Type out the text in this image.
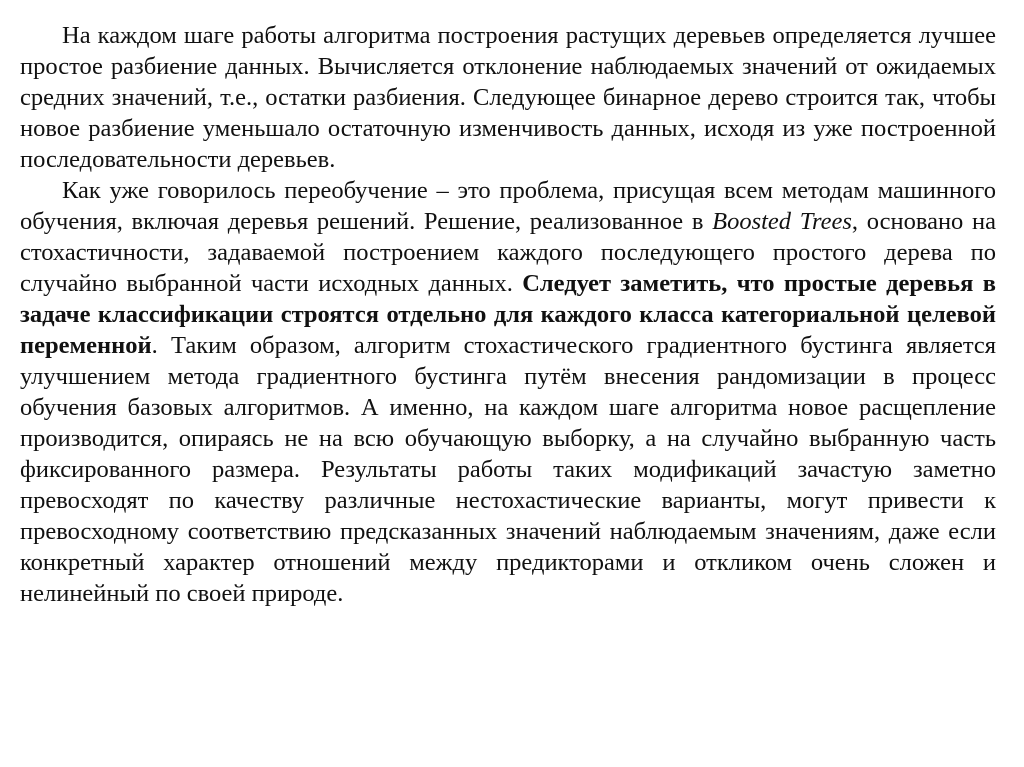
На каждом шаге работы алгоритма построения растущих деревьев определяется лучшее простое разбиение данных. Вычисляется отклонение наблюдаемых значений от ожидаемых средних значений, т.е., остатки разбиения. Следующее бинарное дерево строится так, чтобы новое разбиение уменьшало остаточную изменчивость данных, исходя из уже построенной последовательности деревьев.

Как уже говорилось переобучение – это проблема, присущая всем методам машинного обучения, включая деревья решений. Решение, реализованное в Boosted Trees, основано на стохастичности, задаваемой построением каждого последующего простого дерева по случайно выбранной части исходных данных. Следует заметить, что простые деревья в задаче классификации строятся отдельно для каждого класса категориальной целевой переменной. Таким образом, алгоритм стохастического градиентного бустинга является улучшением метода градиентного бустинга путём внесения рандомизации в процесс обучения базовых алгоритмов. А именно, на каждом шаге алгоритма новое расщепление производится, опираясь не на всю обучающую выборку, а на случайно выбранную часть фиксированного размера. Результаты работы таких модификаций зачастую заметно превосходят по качеству различные нестохастические варианты, могут привести к превосходному соответствию предсказанных значений наблюдаемым значениям, даже если конкретный характер отношений между предикторами и откликом очень сложен и нелинейный по своей природе.
